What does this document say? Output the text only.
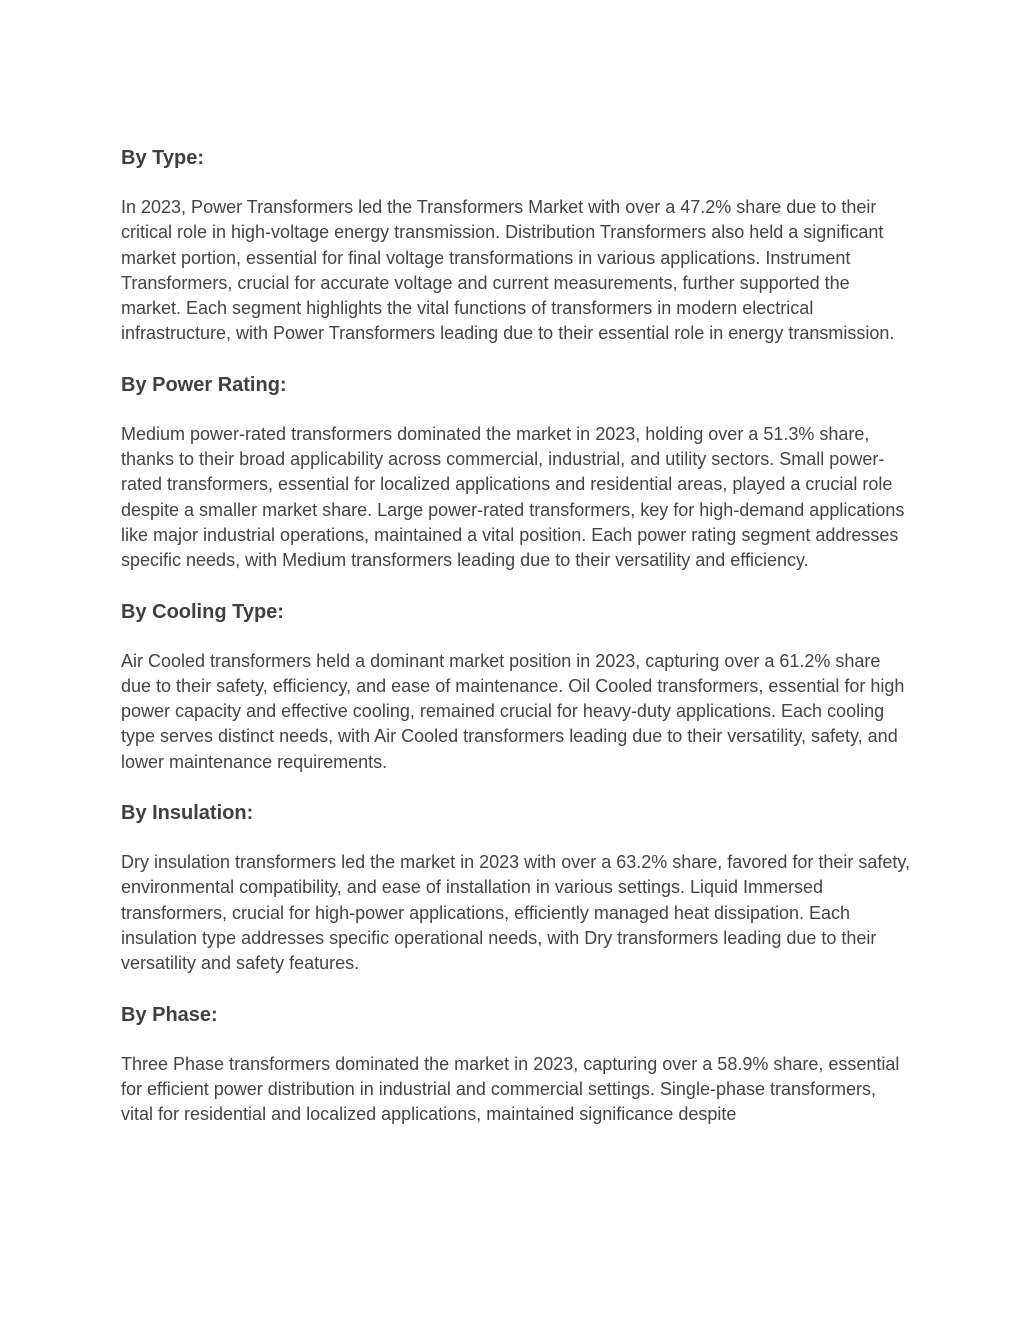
By Type:

In 2023, Power Transformers led the Transformers Market with over a 47.2% share due to their critical role in high-voltage energy transmission. Distribution Transformers also held a significant market portion, essential for final voltage transformations in various applications. Instrument Transformers, crucial for accurate voltage and current measurements, further supported the market. Each segment highlights the vital functions of transformers in modern electrical infrastructure, with Power Transformers leading due to their essential role in energy transmission.

By Power Rating:

Medium power-rated transformers dominated the market in 2023, holding over a 51.3% share, thanks to their broad applicability across commercial, industrial, and utility sectors. Small power-rated transformers, essential for localized applications and residential areas, played a crucial role despite a smaller market share. Large power-rated transformers, key for high-demand applications like major industrial operations, maintained a vital position. Each power rating segment addresses specific needs, with Medium transformers leading due to their versatility and efficiency.

By Cooling Type:

Air Cooled transformers held a dominant market position in 2023, capturing over a 61.2% share due to their safety, efficiency, and ease of maintenance. Oil Cooled transformers, essential for high power capacity and effective cooling, remained crucial for heavy-duty applications. Each cooling type serves distinct needs, with Air Cooled transformers leading due to their versatility, safety, and lower maintenance requirements.

By Insulation:

Dry insulation transformers led the market in 2023 with over a 63.2% share, favored for their safety, environmental compatibility, and ease of installation in various settings. Liquid Immersed transformers, crucial for high-power applications, efficiently managed heat dissipation. Each insulation type addresses specific operational needs, with Dry transformers leading due to their versatility and safety features.

By Phase:

Three Phase transformers dominated the market in 2023, capturing over a 58.9% share, essential for efficient power distribution in industrial and commercial settings. Single-phase transformers, vital for residential and localized applications, maintained significance despite
